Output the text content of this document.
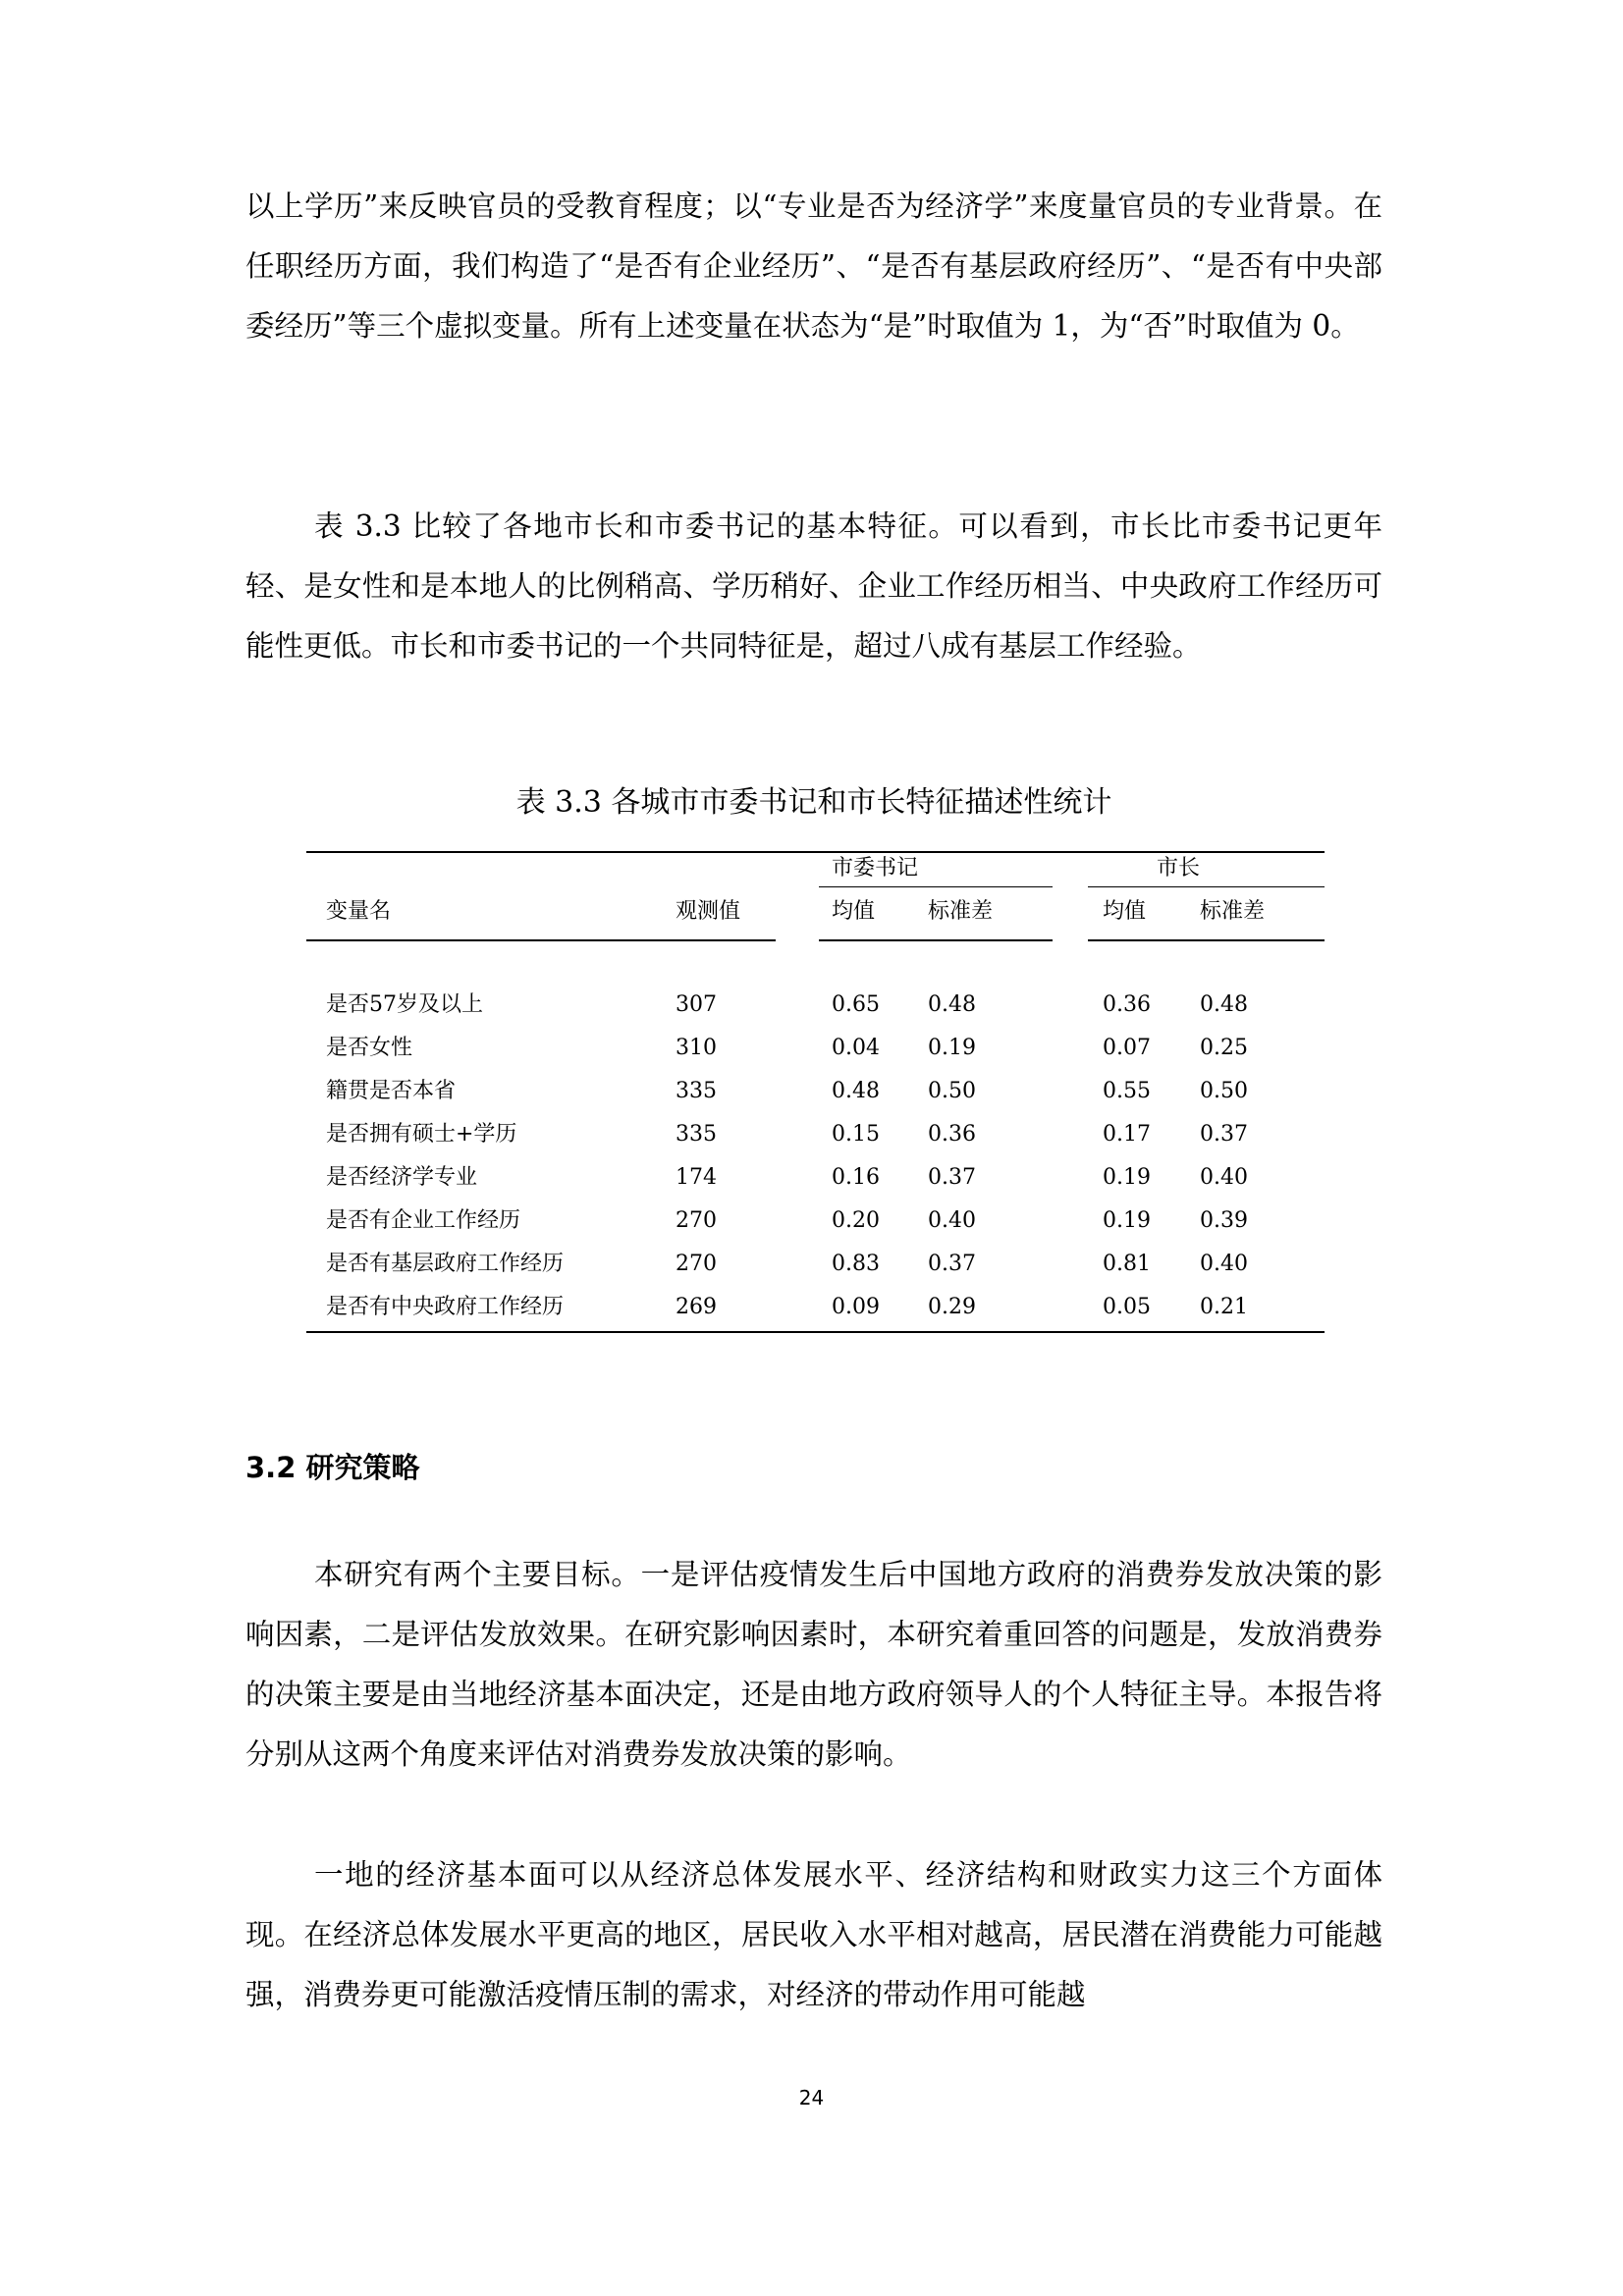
以上学历”来反映官员的受教育程度；以“专业是否为经济学”来度量官员的专业背景。在任职经历方面，我们构造了“是否有企业经历”、“是否有基层政府经历”、“是否有中央部委经历”等三个虚拟变量。所有上述变量在状态为“是”时取值为 1，为“否”时取值为 0。

表 3.3 比较了各地市长和市委书记的基本特征。可以看到，市长比市委书记更年轻、是女性和是本地人的比例稍高、学历稍好、企业工作经历相当、中央政府工作经历可能性更低。市长和市委书记的一个共同特征是，超过八成有基层工作经验。

表 3.3 各城市市委书记和市长特征描述性统计
市委书记	市长
变量名	观测值	均值 标准差	均值 标准差
是否57岁及以上	307	0.65 0.48	0.36 0.48
是否女性	310	0.04 0.19	0.07 0.25
籍贯是否本省	335	0.48 0.50	0.55 0.50
是否拥有硕士+学历	335	0.15 0.36	0.17 0.37
是否经济学专业	174	0.16 0.37	0.19 0.40
是否有企业工作经历	270	0.20 0.40	0.19 0.39
是否有基层政府工作经历	270	0.83 0.37	0.81 0.40
是否有中央政府工作经历	269	0.09 0.29	0.05 0.21
3.2 研究策略

本研究有两个主要目标。一是评估疫情发生后中国地方政府的消费券发放决策的影响因素，二是评估发放效果。在研究影响因素时，本研究着重回答的问题是，发放消费券的决策主要是由当地经济基本面决定，还是由地方政府领导人的个人特征主导。本报告将分别从这两个角度来评估对消费券发放决策的影响。

一地的经济基本面可以从经济总体发展水平、经济结构和财政实力这三个方面体现。在经济总体发展水平更高的地区，居民收入水平相对越高，居民潜在消费能力可能越强，消费券更可能激活疫情压制的需求，对经济的带动作用可能越

24
